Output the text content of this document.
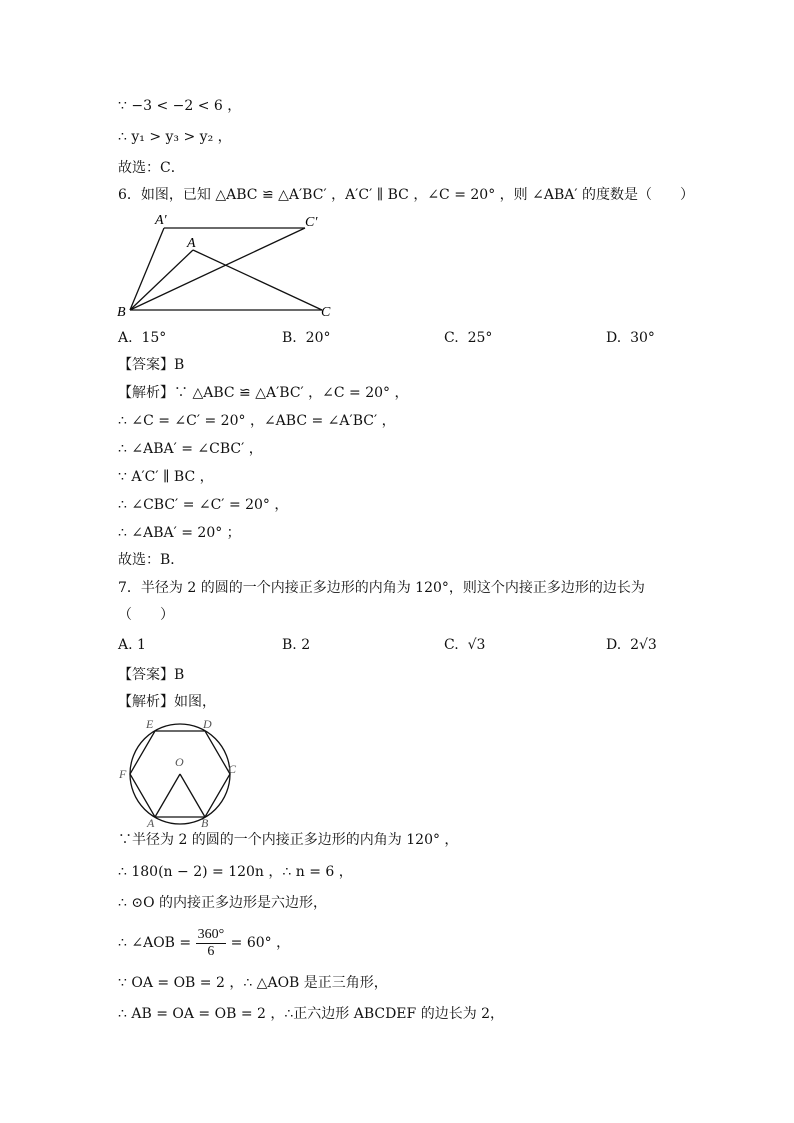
∵ −3 < −2 < 6 ，
∴ y₁ > y₃ > y₂ ，
故选：C．
6．如图，已知 △ABC ≌ △A′BC′ ，A′C′ ∥ BC ，∠C = 20° ，则 ∠ABA′ 的度数是（　　）
A′	C′
A
B	C
A. 15°	B. 20°	C. 25°	D. 30°
【答案】B
【解析】∵ △ABC ≌ △A′BC′ ，∠C = 20° ，
∴ ∠C = ∠C′ = 20° ，∠ABC = ∠A′BC′ ，
∴ ∠ABA′ = ∠CBC′ ，
∵ A′C′ ∥ BC ，
∴ ∠CBC′ = ∠C′ = 20° ，
∴ ∠ABA′ = 20° ；
故选：B．
7．半径为 2 的圆的一个内接正多边形的内角为 120°，则这个内接正多边形的边长为
（　　）
A. 1	B. 2	C. √3	D. 2√3
【答案】B
【解析】如图，
E	D
F	C
O
A	B
∵半径为 2 的圆的一个内接正多边形的内角为 120° ，
∴ 180(n − 2) = 120n ，∴ n = 6 ，
∴ ⊙O 的内接正多边形是六边形，
∴ ∠AOB = $\frac{360^\circ}{6} = 60^\circ$ ，
∵ OA = OB = 2 ，∴ △AOB 是正三角形，
∴ AB = OA = OB = 2 ，∴正六边形 ABCDEF 的边长为 2，
